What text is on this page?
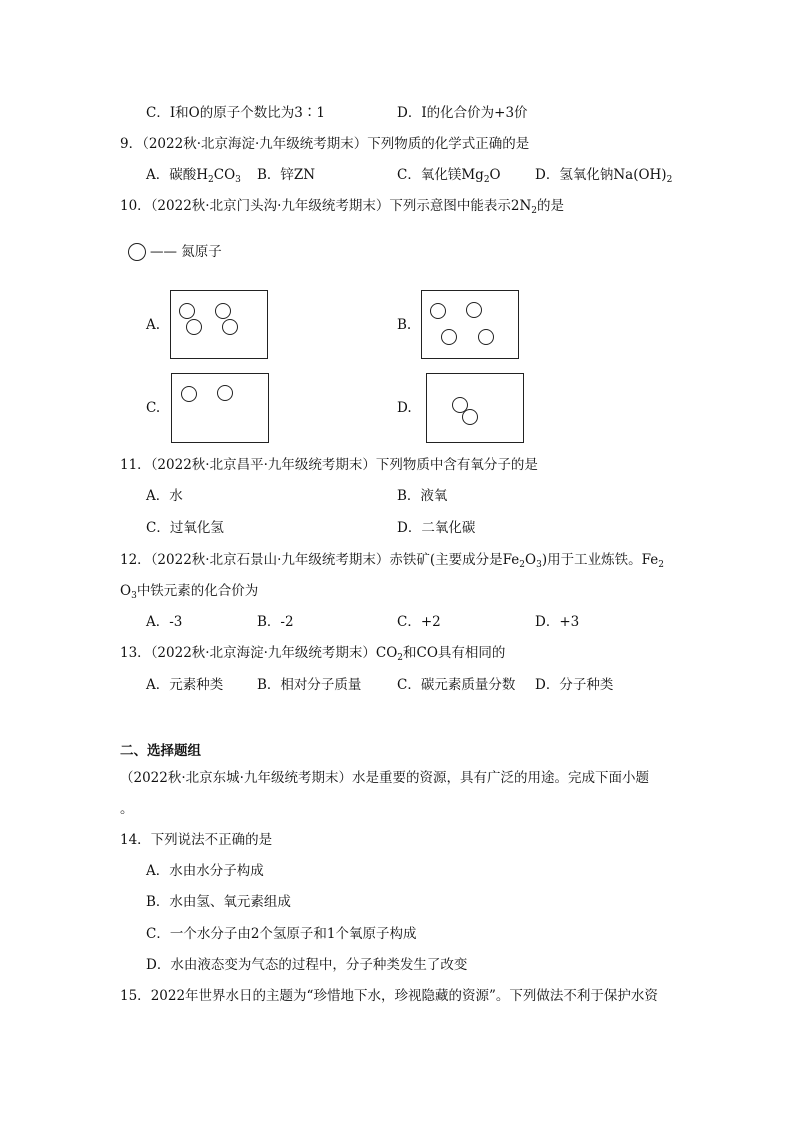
C．I和O的原子个数比为3∶1	D．I的化合价为+3价
9．（2022秋·北京海淀·九年级统考期末）下列物质的化学式正确的是
A．碳酸$H_2CO_3$ B．锌ZN	C．氧化镁$Mg_2O$	D．氢氧化钠$Na(OH)_2$
10．（2022秋·北京门头沟·九年级统考期末）下列示意图中能表示$2N_2$的是
—— 氮原子
A.	B.
C.	D.
11．（2022秋·北京昌平·九年级统考期末）下列物质中含有氧分子的是
A．水	B．液氧
C．过氧化氢	D．二氧化碳
12．（2022秋·北京石景山·九年级统考期末）赤铁矿(主要成分是$Fe_2O_3$)用于工业炼铁。$Fe_2$
$O_3$中铁元素的化合价为
A．-3	B．-2	C．+2	D．+3
13．（2022秋·北京海淀·九年级统考期末）$CO_2$和CO具有相同的
A．元素种类	B．相对分子质量	C．碳元素质量分数 D．分子种类
二、选择题组
（2022秋·北京东城·九年级统考期末）水是重要的资源，具有广泛的用途。完成下面小题
。
14．下列说法不正确的是
A．水由水分子构成
B．水由氢、氧元素组成
C．一个水分子由2个氢原子和1个氧原子构成
D．水由液态变为气态的过程中，分子种类发生了改变
15．2022年世界水日的主题为“珍惜地下水，珍视隐藏的资源”。下列做法不利于保护水资
